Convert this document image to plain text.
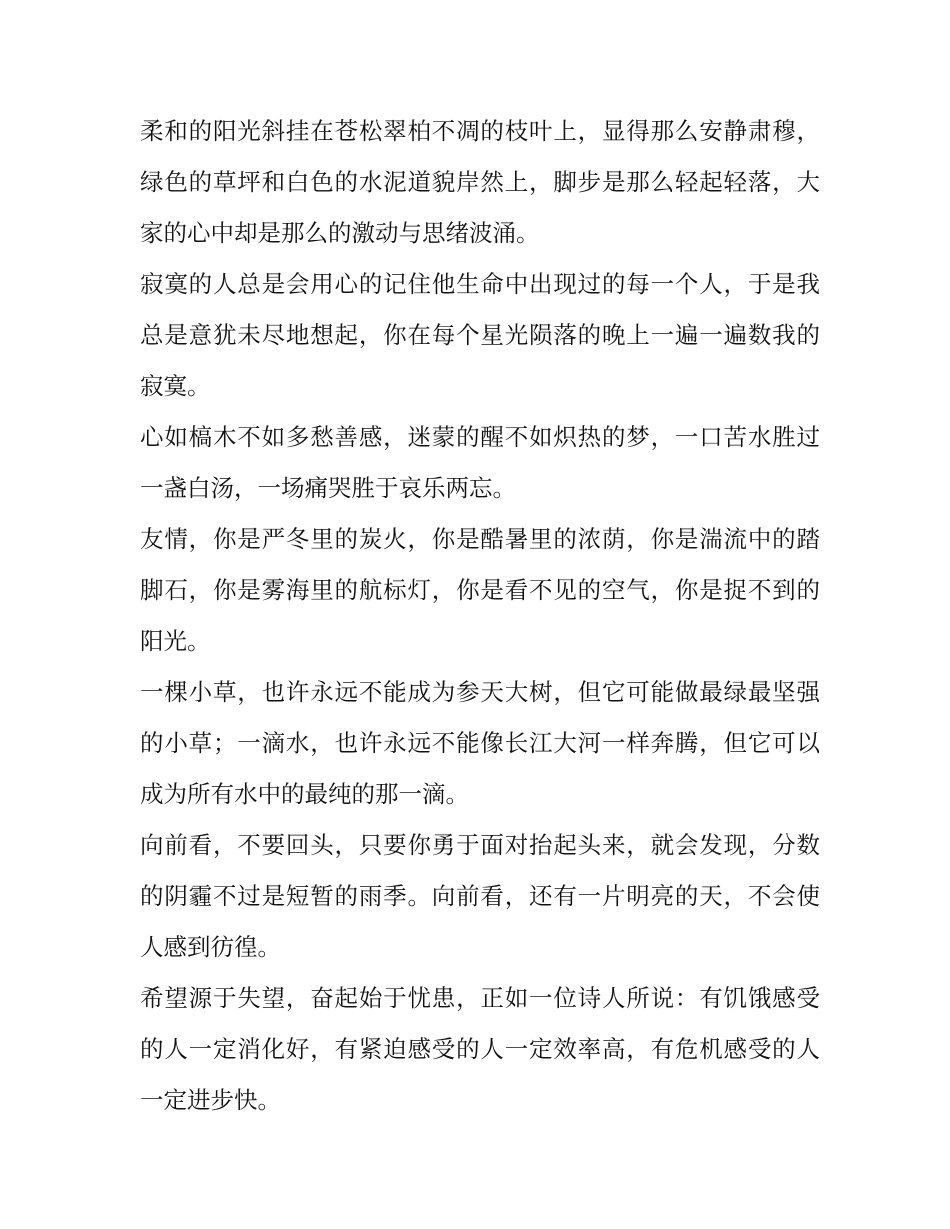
柔和的阳光斜挂在苍松翠柏不凋的枝叶上，显得那么安静肃穆，绿色的草坪和白色的水泥道貌岸然上，脚步是那么轻起轻落，大家的心中却是那么的激动与思绪波涌。

寂寞的人总是会用心的记住他生命中出现过的每一个人，于是我总是意犹未尽地想起，你在每个星光陨落的晚上一遍一遍数我的寂寞。

心如槁木不如多愁善感，迷蒙的醒不如炽热的梦，一口苦水胜过一盏白汤，一场痛哭胜于哀乐两忘。

友情，你是严冬里的炭火，你是酷暑里的浓荫，你是湍流中的踏脚石，你是雾海里的航标灯，你是看不见的空气，你是捉不到的阳光。

一棵小草，也许永远不能成为参天大树，但它可能做最绿最坚强的小草；一滴水，也许永远不能像长江大河一样奔腾，但它可以成为所有水中的最纯的那一滴。

向前看，不要回头，只要你勇于面对抬起头来，就会发现，分数的阴霾不过是短暂的雨季。向前看，还有一片明亮的天，不会使人感到彷徨。

希望源于失望，奋起始于忧患，正如一位诗人所说：有饥饿感受的人一定消化好，有紧迫感受的人一定效率高，有危机感受的人一定进步快。
